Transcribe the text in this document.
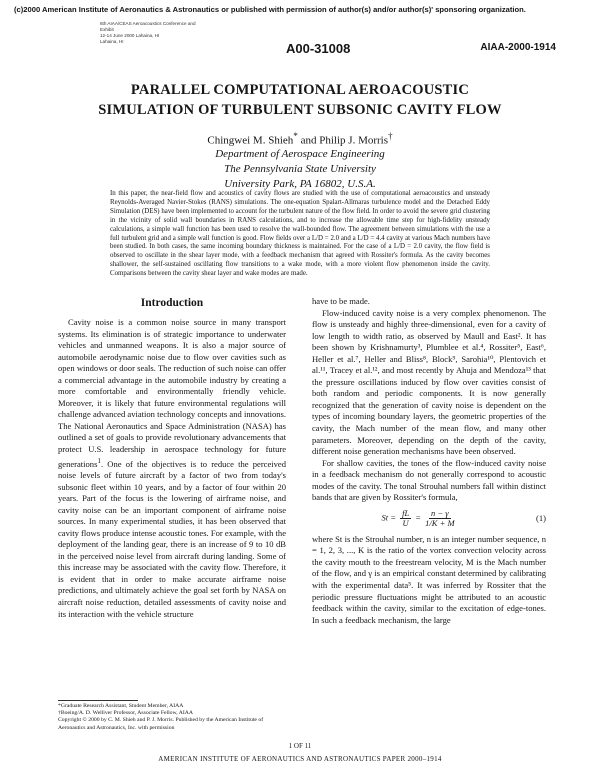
(c)2000 American Institute of Aeronautics & Astronautics or published with permission of author(s) and/or author(s)' sponsoring organization.
6th AIAA/CEAS Aeroacoustics Conference and
Exhibit
12-14 June 2000 Lahaina, HI
Lahaina, HI	A00-31008	AIAA-2000-1914
PARALLEL COMPUTATIONAL AEROACOUSTIC
SIMULATION OF TURBULENT SUBSONIC CAVITY FLOW
Chingwei M. Shieh* and Philip J. Morris†
Department of Aerospace Engineering
The Pennsylvania State University
University Park, PA 16802, U.S.A.
In this paper, the near-field flow and acoustics of cavity flows are studied with the use of computational aeroacoustics and unsteady Reynolds-Averaged Navier-Stokes (RANS) simulations. The one-equation Spalart-Allmaras turbulence model and the Detached Eddy Simulation (DES) have been implemented to account for the turbulent nature of the flow field. In order to avoid the severe grid clustering in the vicinity of solid wall boundaries in RANS calculations, and to increase the allowable time step for high-fidelity unsteady calculations, a simple wall function has been used to resolve the wall-bounded flow. The agreement between simulations with the use a full turbulent grid and a simple wall function is good. Flow fields over a L/D = 2.0 and a L/D = 4.4 cavity at various Mach numbers have been studied. In both cases, the same incoming boundary thickness is maintained. For the case of a L/D = 2.0 cavity, the flow field is observed to oscillate in the shear layer mode, with a feedback mechanism that agreed with Rossiter's formula. As the cavity becomes shallower, the self-sustained oscillating flow transitions to a wake mode, with a more violent flow phenomenon inside the cavity. Comparisons between the cavity shear layer and wake modes are made.
Introduction

Cavity noise is a common noise source in many transport systems. Its elimination is of strategic importance to underwater vehicles and unmanned weapons. It is also a major source of automobile aerodynamic noise due to flow over cavities such as open windows or door seals. The reduction of such noise can offer a commercial advantage in the automobile industry by creating a more comfortable and environmentally friendly vehicle. Moreover, it is likely that future environmental regulations will challenge advanced aviation technology concepts and innovations. The National Aeronautics and Space Administration (NASA) has outlined a set of goals to provide revolutionary advancements that protect U.S. leadership in aerospace technology for future generations$^1$. One of the objectives is to reduce the perceived noise levels of future aircraft by a factor of two from today's subsonic fleet within 10 years, and by a factor of four within 20 years. Part of the focus is the lowering of airframe noise, and cavity noise can be an important component of airframe noise sources. In many experimental studies, it has been observed that cavity flows produce intense acoustic tones. For example, with the deployment of the landing gear, there is an increase of 9 to 10 dB in the perceived noise level from aircraft during landing. Some of this increase may be associated with the cavity flow. Therefore, it is evident that in order to make accurate airframe noise predictions, and ultimately achieve the goal set forth by NASA on aircraft noise reduction, detailed assessments of cavity noise and its interaction with the vehicle structure

have to be made.

Flow-induced cavity noise is a very complex phenomenon. The flow is unsteady and highly three-dimensional, even for a cavity of low length to width ratio, as observed by Maull and East². It has been shown by Krishnamurty³, Plumblee et al.⁴, Rossiter⁵, East⁶, Heller et al.⁷, Heller and Bliss⁸, Block⁹, Sarohia¹⁰, Plentovich et al.¹¹, Tracey et al.¹², and most recently by Ahuja and Mendoza¹³ that the pressure oscillations induced by flow over cavities consist of both random and periodic components. It is now generally recognized that the generation of cavity noise is dependent on the types of incoming boundary layers, the geometric properties of the cavity, the Mach number of the mean flow, and many other parameters. Moreover, depending on the depth of the cavity, different noise generation mechanisms have been observed.

For shallow cavities, the tones of the flow-induced cavity noise in a feedback mechanism do not generally correspond to acoustic modes of the cavity. The tonal Strouhal numbers fall within distinct bands that are given by Rossiter's formula,

$St = \frac{fL}{U} = \frac{n - \gamma}{1/K + M}$	(1)

where St is the Strouhal number, n is an integer number sequence, n = 1, 2, 3, ..., K is the ratio of the vortex convection velocity across the cavity mouth to the freestream velocity, M is the Mach number of the flow, and γ is an empirical constant determined by calibrating with the experimental data⁵. It was inferred by Rossiter that the periodic pressure fluctuations might be attributed to an acoustic feedback within the cavity, similar to the excitation of edge-tones. In such a feedback mechanism, the large

*Graduate Research Assistant, Student Member, AIAA
†Boeing/A. D. Welliver Professor, Associate Fellow, AIAA
Copyright © 2000 by C. M. Shieh and P. J. Morris. Published by the American Institute of Aeronautics and Astronautics, Inc. with permission
1 OF 11
AMERICAN INSTITUTE OF AERONAUTICS AND ASTRONAUTICS PAPER 2000–1914
